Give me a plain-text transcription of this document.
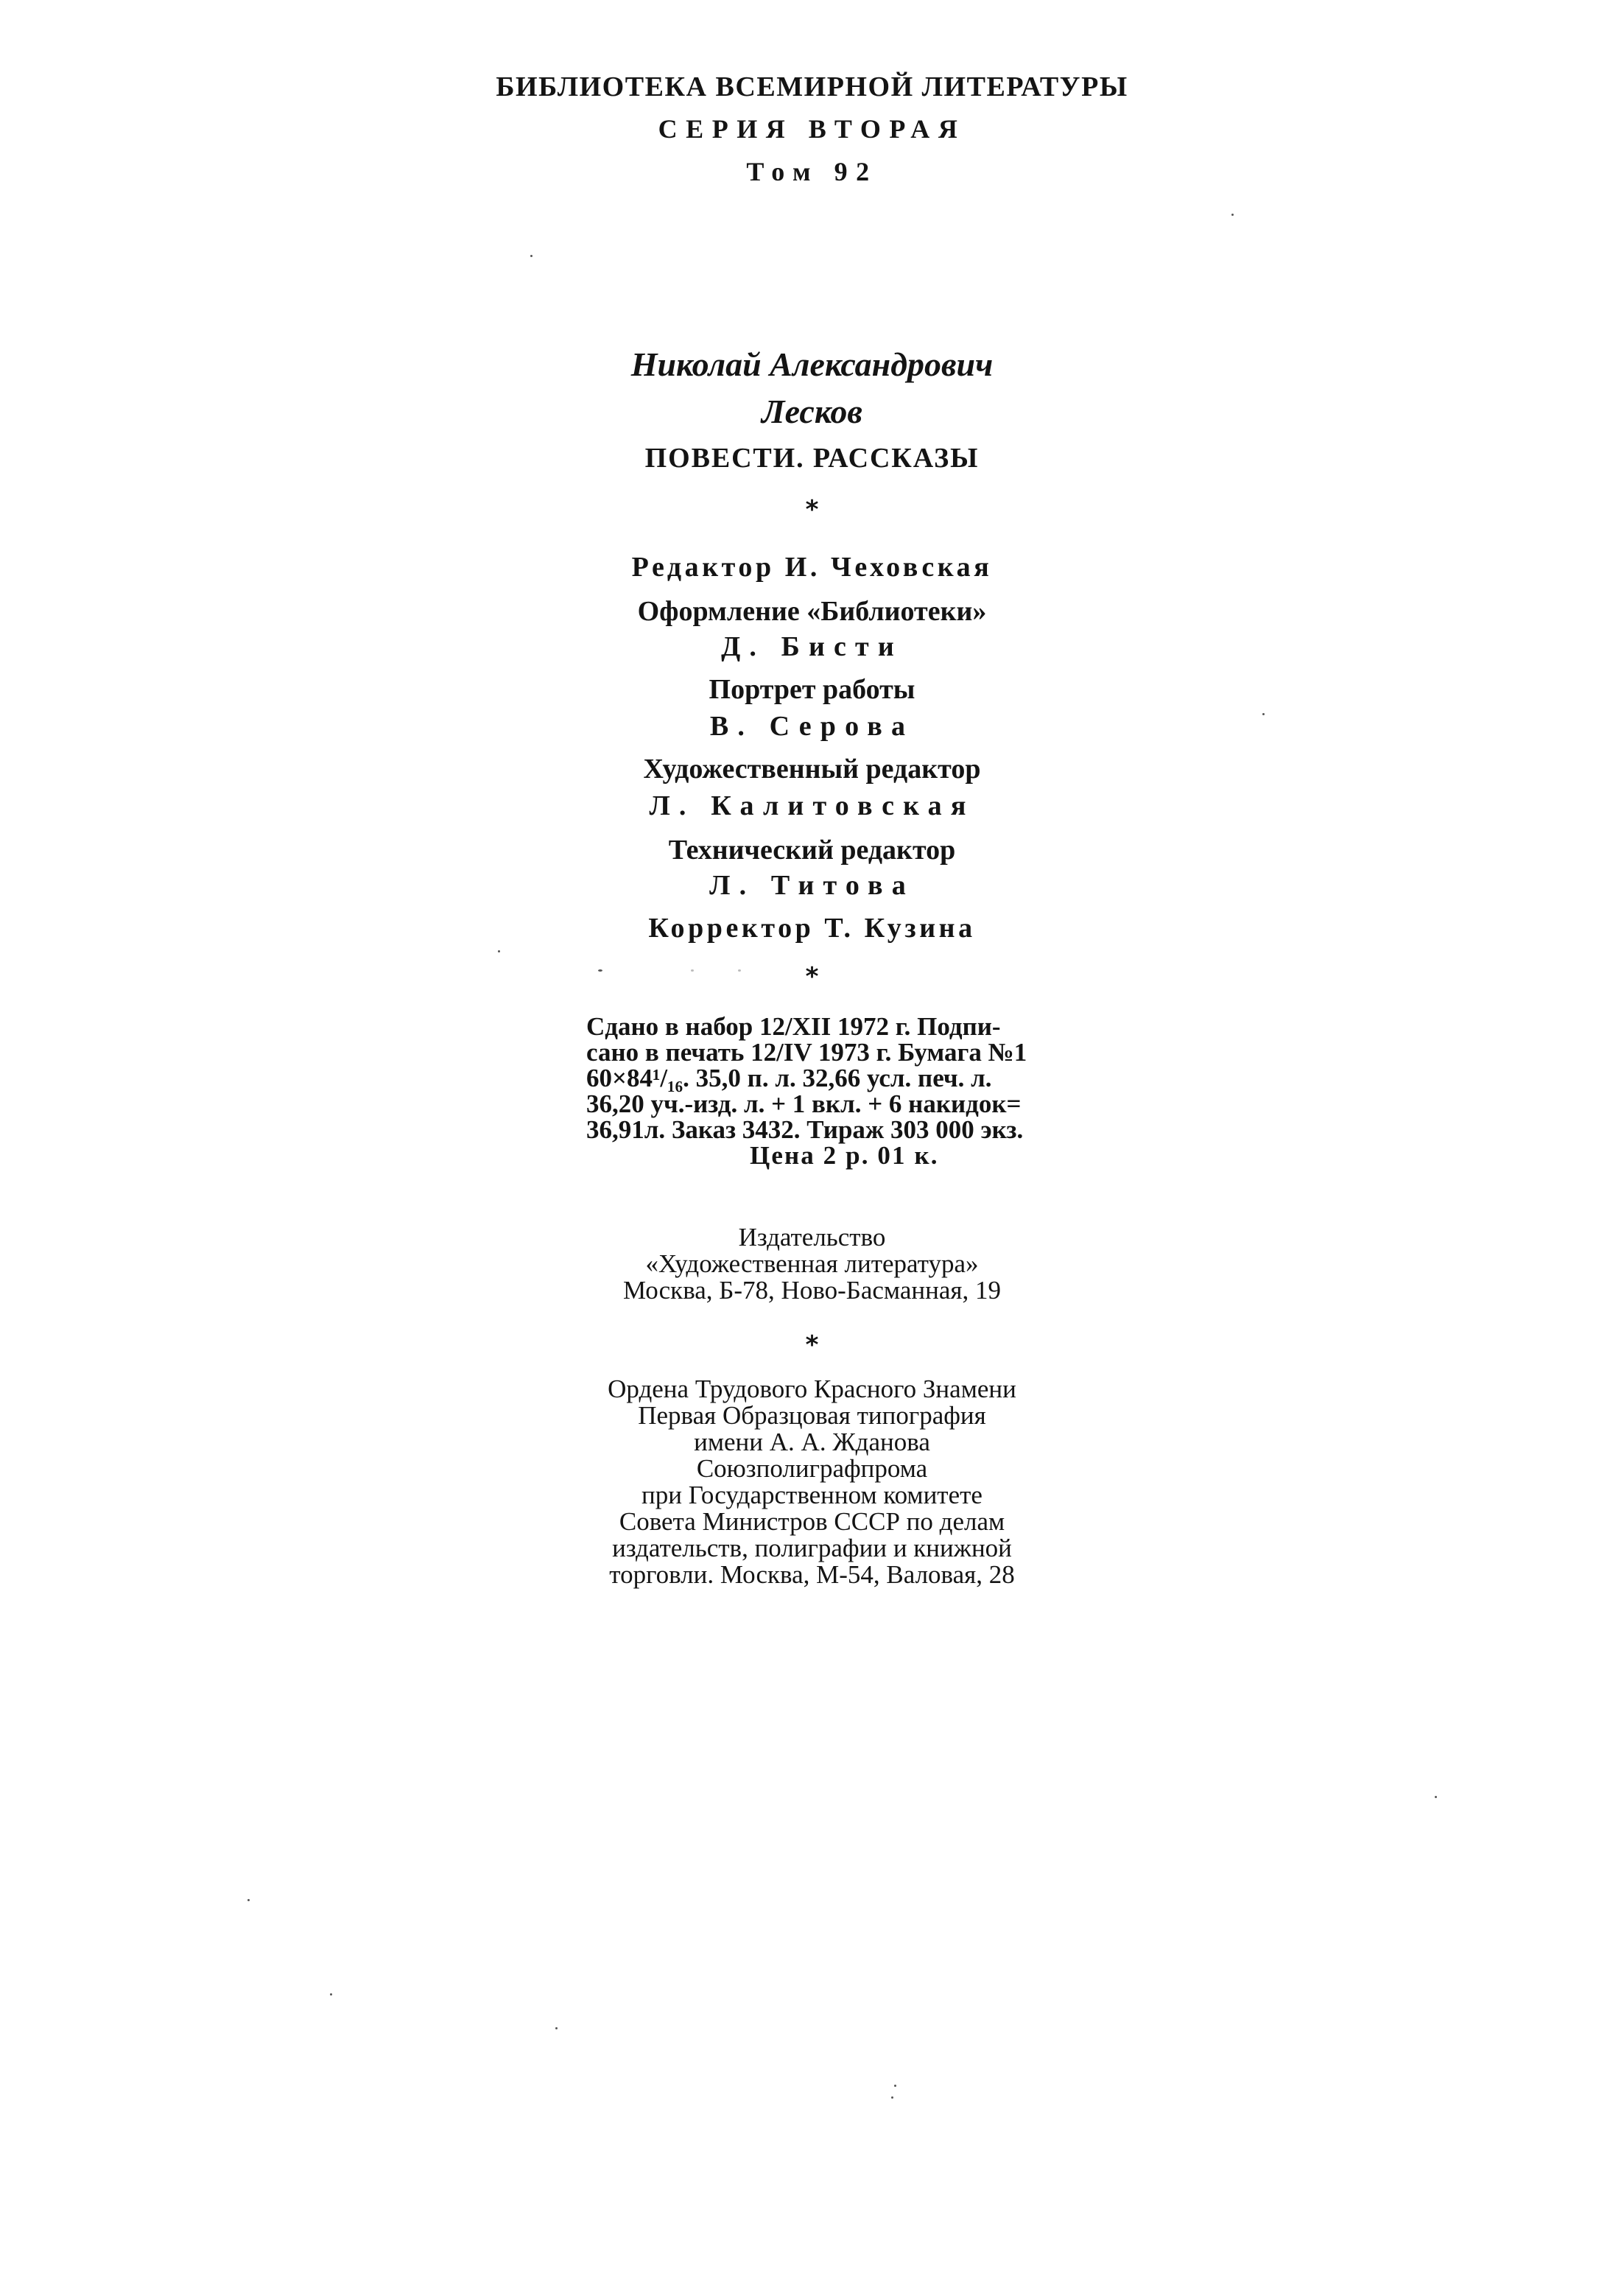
БИБЛИОТЕКА ВСЕМИРНОЙ ЛИТЕРАТУРЫ
СЕРИЯ ВТОРАЯ
Том 92
Николай Александрович
Лесков
ПОВЕСТИ. РАССКАЗЫ
*
Редактор И. Чеховская
Оформление «Библиотеки»
Д. Бисти
Портрет работы
В. Серова
Художественный редактор
Л. Калитовская
Технический редактор
Л. Титова
Корректор Т. Кузина
*
Сдано в набор 12/XII 1972 г. Подпи-
сано в печать 12/IV 1973 г. Бумага №1
60×84¹/₁₆. 35,0 п. л. 32,66 усл. печ. л.
36,20 уч.-изд. л. + 1 вкл. + 6 накидок=
36,91л. Заказ 3432. Тираж 303 000 экз.
Цена 2 р. 01 к.
Издательство
«Художественная литература»
Москва, Б-78, Ново-Басманная, 19
*
Ордена Трудового Красного Знамени
Первая Образцовая типография
имени А. А. Жданова
Союзполиграфпрома
при Государственном комитете
Совета Министров СССР по делам
издательств, полиграфии и книжной
торговли. Москва, М-54, Валовая, 28
